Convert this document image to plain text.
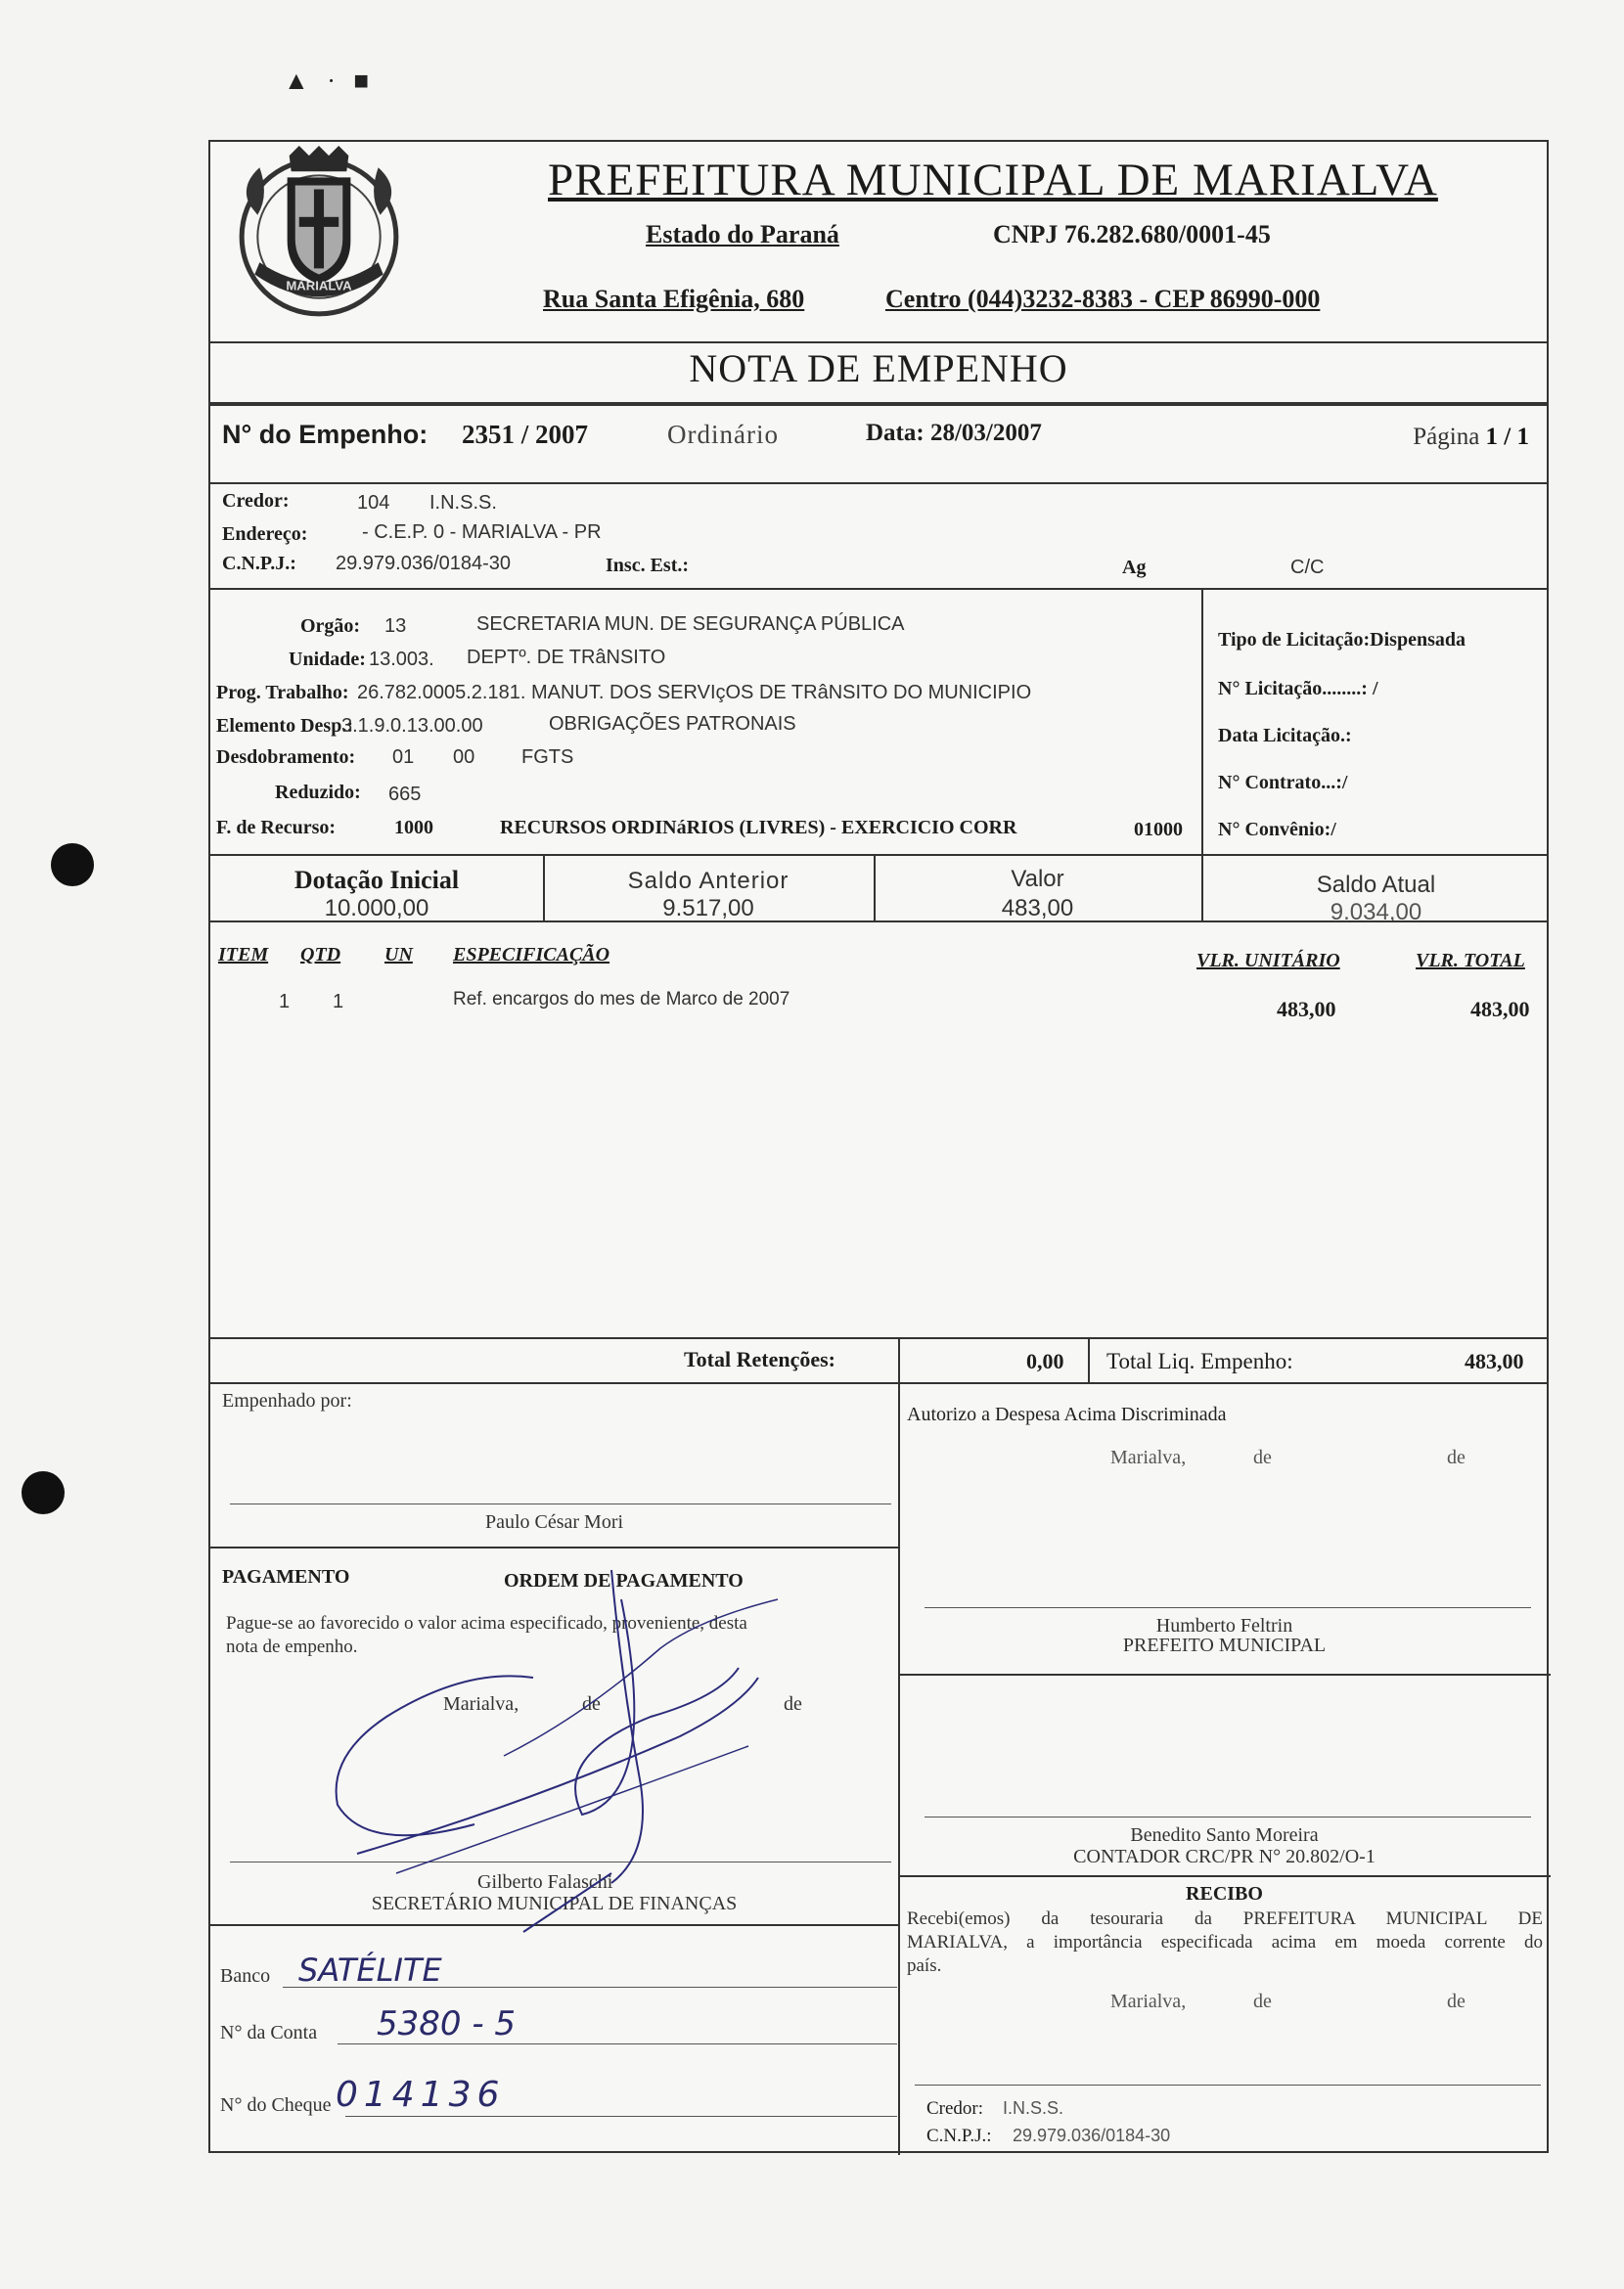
▲ · ■
MARIALVA
PREFEITURA MUNICIPAL DE MARIALVA
Estado do Paraná	CNPJ 76.282.680/0001-45
Rua Santa Efigênia, 680	Centro (044)3232-8383 - CEP 86990-000
NOTA DE EMPENHO
N° do Empenho: 2351 / 2007	Ordinário	Data: 28/03/2007	Página 1 / 1
Credor:	104 I.N.S.S.
Endereço:	- C.E.P. 0 - MARIALVA - PR
C.N.P.J.: 29.979.036/0184-30	Insc. Est.:	Ag	C/C
Orgão: 13	SECRETARIA MUN. DE SEGURANÇA PÚBLICA
Unidade: 13.003. DEPTº. DE TRâNSITO
Prog. Trabalho: 26.782.0005.2.181. MANUT. DOS SERVIçOS DE TRâNSITO DO MUNICIPIO
Elemento Desp.:
3.1.9.0.13.00.00	OBRIGAÇÕES PATRONAIS
Desdobramento: 01 00 FGTS
Reduzido: 665
F. de Recurso:	1000	RECURSOS ORDINáRIOS (LIVRES) - EXERCICIO CORR	01000
Tipo de Licitação:Dispensada
N° Licitação........: /
Data Licitação.:
N° Contrato...:/
N° Convênio:/
Dotação Inicial
10.000,00
Saldo Anterior
9.517,00
Valor
483,00
Saldo Atual
9.034,00
ITEM QTD UN ESPECIFICAÇÃO	VLR. UNITÁRIO	VLR. TOTAL
1 1	Ref. encargos do mes de Marco de 2007	483,00	483,00
Total Retenções:	0,00 Total Liq. Empenho:	483,00
Empenhado por:
Paulo César Mori
PAGAMENTO	ORDEM DE PAGAMENTO
Pague-se ao favorecido o valor acima especificado, proveniente, desta
nota de empenho.
Marialva,	de	de
Gilberto Falaschi
SECRETÁRIO MUNICIPAL DE FINANÇAS
Banco SATÉLITE
N° da Conta 5380 - 5
N° do Cheque 014136
Autorizo a Despesa Acima Discriminada
Marialva,	de	de
Humberto Feltrin
PREFEITO MUNICIPAL
Benedito Santo Moreira
CONTADOR CRC/PR N° 20.802/O-1
RECIBO
Recebi(emos) da tesouraria da PREFEITURA MUNICIPAL DE
MARIALVA, a importância especificada acima em moeda corrente do
país.
Marialva,	de	de
Credor: I.N.S.S.
C.N.P.J.: 29.979.036/0184-30
